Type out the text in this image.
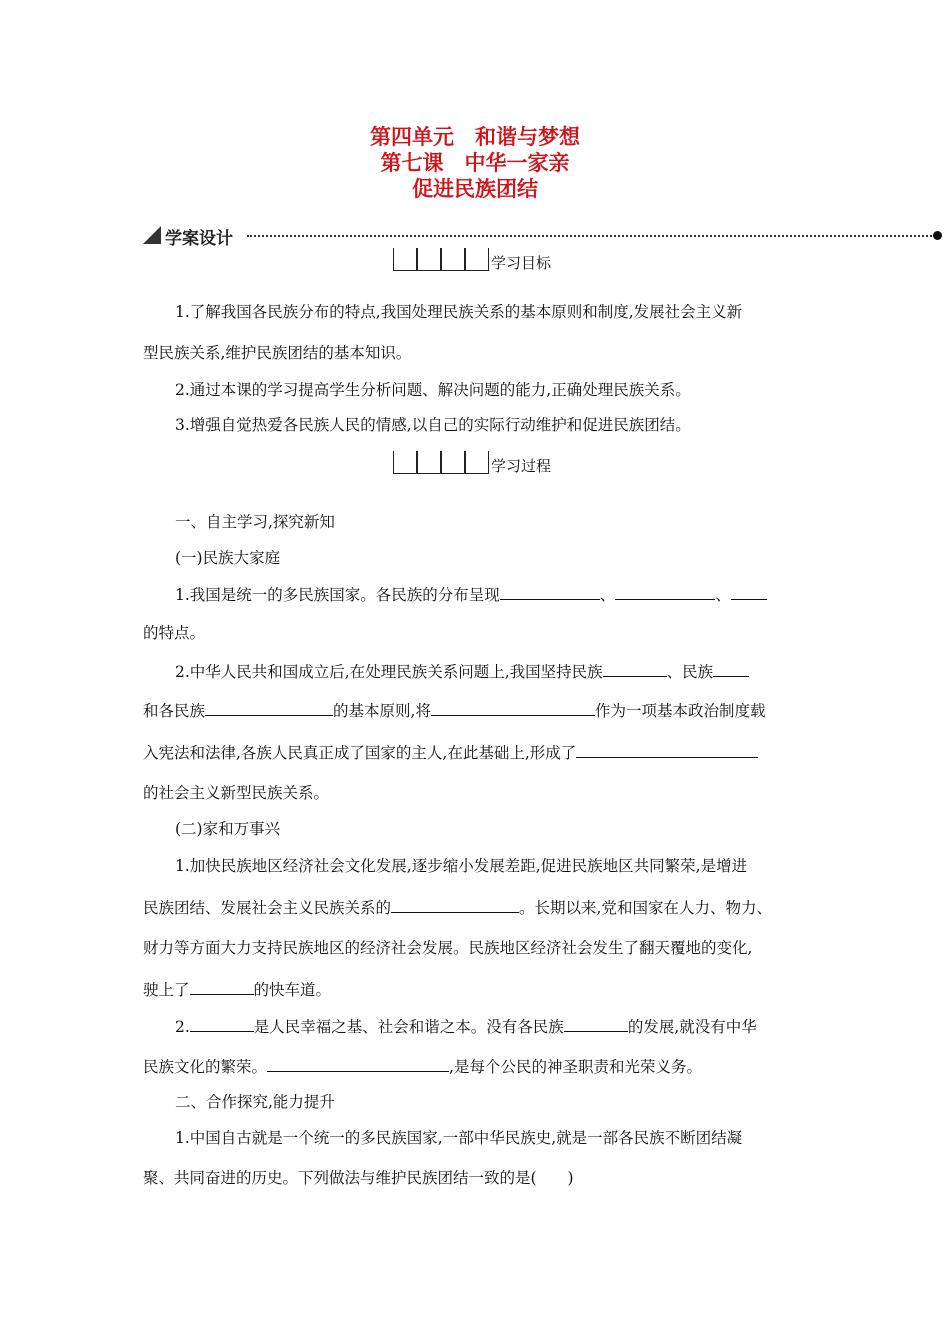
第四单元　和谐与梦想
第七课　中华一家亲
促进民族团结
学案设计
学习目标

1.了解我国各民族分布的特点,我国处理民族关系的基本原则和制度,发展社会主义新

型民族关系,维护民族团结的基本知识。

2.通过本课的学习提高学生分析问题、解决问题的能力,正确处理民族关系。

3.增强自觉热爱各民族人民的情感,以自己的实际行动维护和促进民族团结。

学习过程

一、自主学习,探究新知

(一)民族大家庭

1.我国是统一的多民族国家。各民族的分布呈现	、	、

的特点。

2.中华人民共和国成立后,在处理民族关系问题上,我国坚持民族	、民族

和各民族	的基本原则,将	作为一项基本政治制度载

入宪法和法律,各族人民真正成了国家的主人,在此基础上,形成了

的社会主义新型民族关系。

(二)家和万事兴

1.加快民族地区经济社会文化发展,逐步缩小发展差距,促进民族地区共同繁荣,是增进

民族团结、发展社会主义民族关系的	。长期以来,党和国家在人力、物力、

财力等方面大力支持民族地区的经济社会发展。民族地区经济社会发生了翻天覆地的变化,

驶上了	的快车道。

2.	是人民幸福之基、社会和谐之本。没有各民族	的发展,就没有中华

民族文化的繁荣。	,是每个公民的神圣职责和光荣义务。

二、合作探究,能力提升

1.中国自古就是一个统一的多民族国家,一部中华民族史,就是一部各民族不断团结凝

聚、共同奋进的历史。下列做法与维护民族团结一致的是(　　)
